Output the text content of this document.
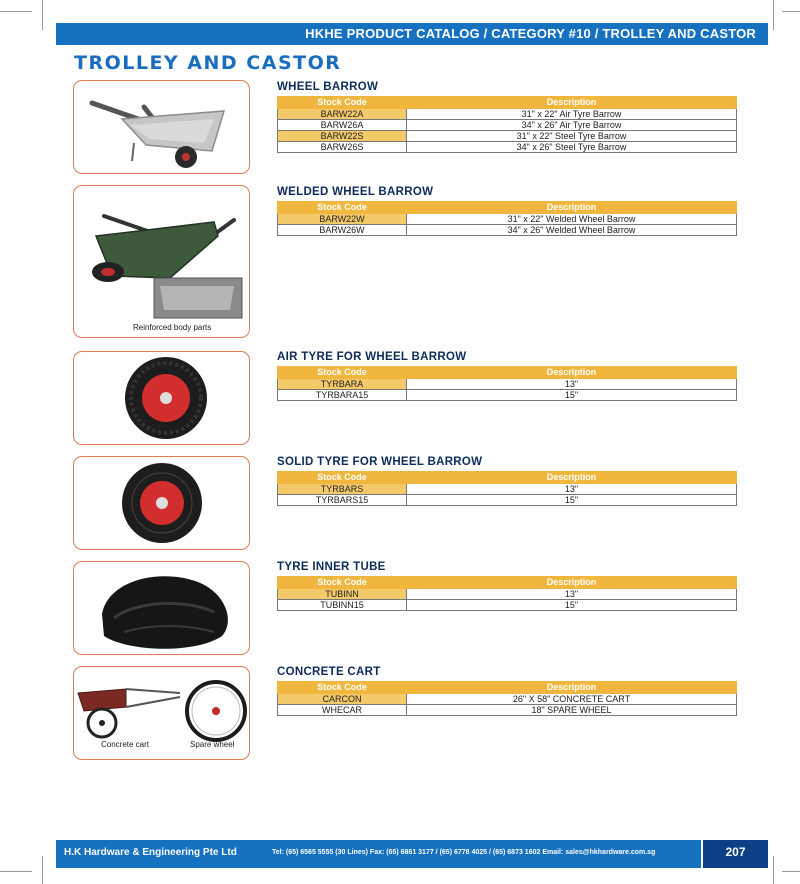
HKHE PRODUCT CATALOG / CATEGORY #10 / TROLLEY AND CASTOR
TROLLEY AND CASTOR
Reinforced body parts
Concrete cart	Spare wheel
WHEEL BARROW
Stock Code	Description
BARW22A	31" x 22" Air Tyre Barrow
BARW26A	34" x 26" Air Tyre Barrow
BARW22S	31" x 22" Steel Tyre Barrow
BARW26S	34" x 26" Steel Tyre Barrow
WELDED WHEEL BARROW
Stock Code	Description
BARW22W	31" x 22" Welded Wheel Barrow
BARW26W	34" x 26" Welded Wheel Barrow
AIR TYRE FOR WHEEL BARROW
Stock Code	Description
TYRBARA	13"
TYRBARA15	15"
SOLID TYRE FOR WHEEL BARROW
Stock Code	Description
TYRBARS	13"
TYRBARS15	15"
TYRE INNER TUBE
Stock Code	Description
TUBINN	13"
TUBINN15	15"
CONCRETE CART
Stock Code	Description
CARCON	26" X 58" CONCRETE CART
WHECAR	18" SPARE WHEEL
H.K Hardware & Engineering Pte Ltd	Tel: (65) 6565 5555 (30 Lines) Fax: (65) 6861 3177 / (65) 6778 4025 / (65) 6873 1602 Email: sales@hkhardware.com.sg	207
